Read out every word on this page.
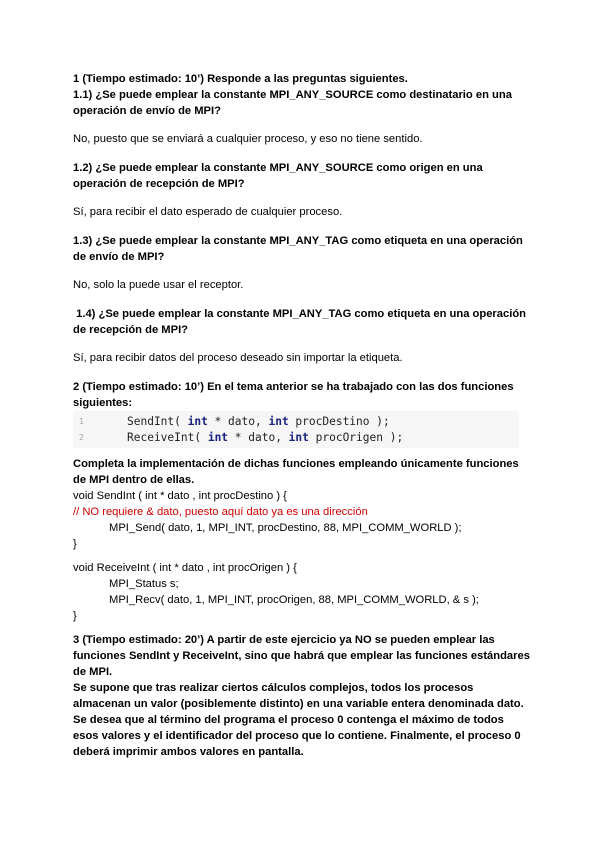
1 (Tiempo estimado: 10’) Responde a las preguntas siguientes.
1.1) ¿Se puede emplear la constante MPI_ANY_SOURCE como destinatario en una
operación de envío de MPI?
No, puesto que se enviará a cualquier proceso, y eso no tiene sentido.
1.2) ¿Se puede emplear la constante MPI_ANY_SOURCE como origen en una
operación de recepción de MPI?
Sí, para recibir el dato esperado de cualquier proceso.
1.3) ¿Se puede emplear la constante MPI_ANY_TAG como etiqueta en una operación
de envío de MPI?
No, solo la puede usar el receptor.
1.4) ¿Se puede emplear la constante MPI_ANY_TAG como etiqueta en una operación
de recepción de MPI?
Sí, para recibir datos del proceso deseado sin importar la etiqueta.
2 (Tiempo estimado: 10’) En el tema anterior se ha trabajado con las dos funciones
siguientes:
1	SendInt( int * dato, int procDestino );
2	ReceiveInt( int * dato, int procOrigen );
Completa la implementación de dichas funciones empleando únicamente funciones
de MPI dentro de ellas.
void SendInt ( int * dato , int procDestino ) {
// NO requiere & dato, puesto aquí dato ya es una dirección
MPI_Send( dato, 1, MPI_INT, procDestino, 88, MPI_COMM_WORLD );
}
void ReceiveInt ( int * dato , int procOrigen ) {
MPI_Status s;
MPI_Recv( dato, 1, MPI_INT, procOrigen, 88, MPI_COMM_WORLD, & s );
}
3 (Tiempo estimado: 20’) A partir de este ejercicio ya NO se pueden emplear las
funciones SendInt y ReceiveInt, sino que habrá que emplear las funciones estándares
de MPI.
Se supone que tras realizar ciertos cálculos complejos, todos los procesos
almacenan un valor (posiblemente distinto) en una variable entera denominada dato.
Se desea que al término del programa el proceso 0 contenga el máximo de todos
esos valores y el identificador del proceso que lo contiene. Finalmente, el proceso 0
deberá imprimir ambos valores en pantalla.
